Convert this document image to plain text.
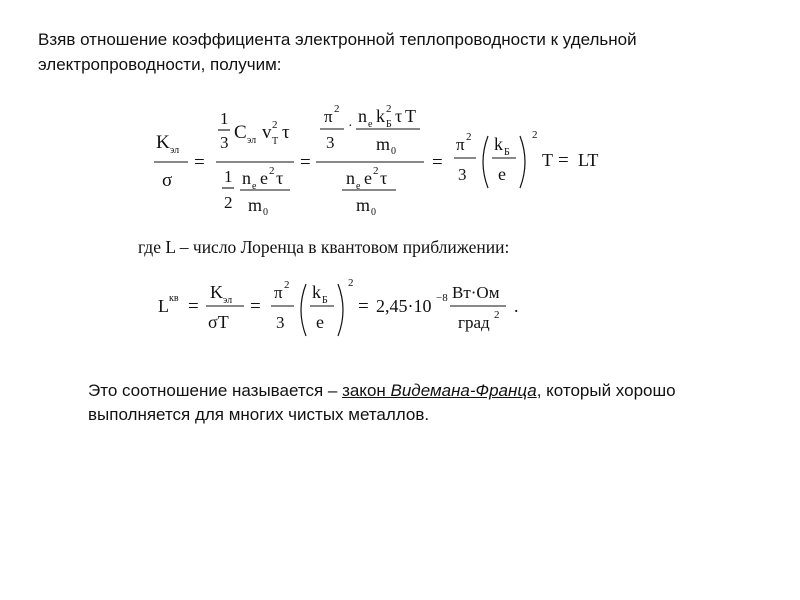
Взяв отношение коэффициента электронной теплопроводности к удельной электропроводности, получим:
K эл
σ
=
1
3 C эл v 2
T τ
1
2
n e e 2 τ
m 0
=
π 2
3
·
n e k 2
Б τ T
m 0
n e e 2 τ
m 0
=
π 2
3
k Б
e
2
T = LT
где L – число Лоренца в квантовом приближении:
L кв =
K эл
σT
=
π 2
3
k Б
e
2
= 2,45·10 −8 Вт·Ом
град 2 .
Это соотношение называется – закон Видемана-Франца, который хорошо выполняется для многих чистых металлов.
